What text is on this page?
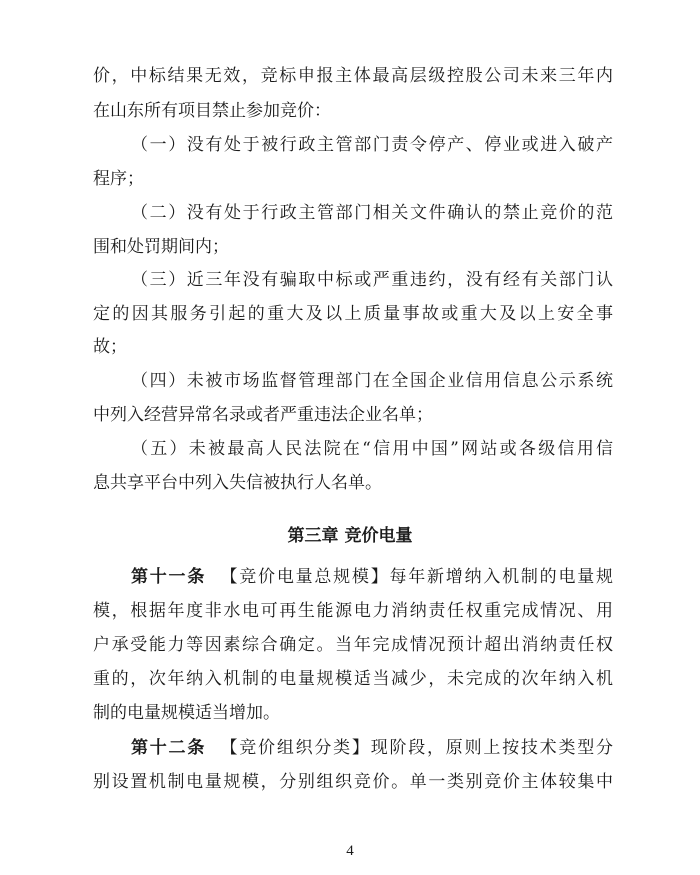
价，中标结果无效，竞标申报主体最高层级控股公司未来三年内
在山东所有项目禁止参加竞价：
（一）没有处于被行政主管部门责令停产、停业或进入破产
程序；
（二）没有处于行政主管部门相关文件确认的禁止竞价的范
围和处罚期间内；
（三）近三年没有骗取中标或严重违约，没有经有关部门认
定的因其服务引起的重大及以上质量事故或重大及以上安全事
故；
（四）未被市场监督管理部门在全国企业信用信息公示系统
中列入经营异常名录或者严重违法企业名单；
（五）未被最高人民法院在“信用中国”网站或各级信用信
息共享平台中列入失信被执行人名单。
第三章 竞价电量
第十一条 【竞价电量总规模】每年新增纳入机制的电量规
模，根据年度非水电可再生能源电力消纳责任权重完成情况、用
户承受能力等因素综合确定。当年完成情况预计超出消纳责任权
重的，次年纳入机制的电量规模适当减少，未完成的次年纳入机
制的电量规模适当增加。
第十二条 【竞价组织分类】现阶段，原则上按技术类型分
别设置机制电量规模，分别组织竞价。单一类别竞价主体较集中
4
